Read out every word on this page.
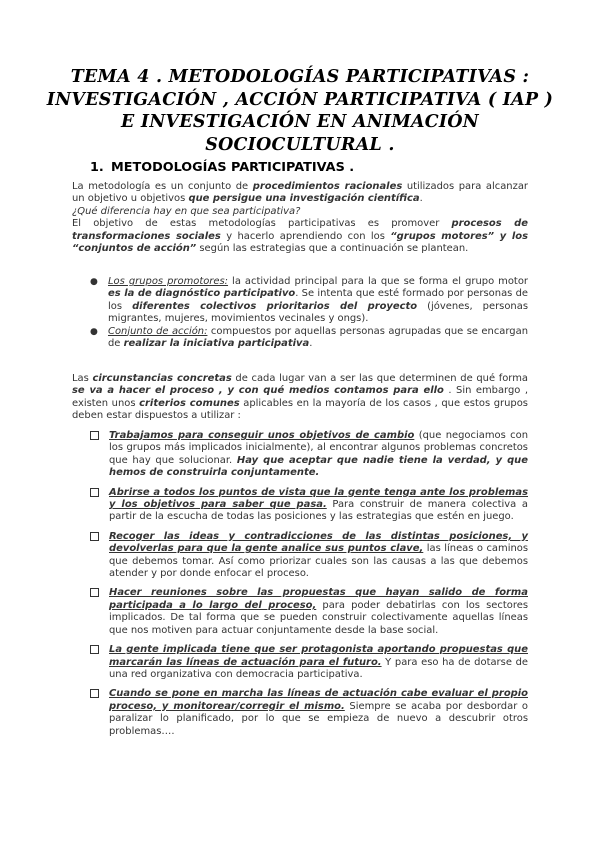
TEMA 4 . METODOLOGÍAS PARTICIPATIVAS :
INVESTIGACIÓN , ACCIÓN PARTICIPATIVA ( IAP )
E INVESTIGACIÓN EN ANIMACIÓN
SOCIOCULTURAL .
1. METODOLOGÍAS PARTICIPATIVAS .

La metodología es un conjunto de procedimientos racionales utilizados para alcanzar un objetivo u objetivos que persigue una investigación científica.

¿Qué diferencia hay en que sea participativa?

El objetivo de estas metodologías participativas es promover procesos de transformaciones sociales y hacerlo aprendiendo con los “grupos motores” y los “conjuntos de acción” según las estrategias que a continuación se plantean.

● Los grupos promotores: la actividad principal para la que se forma el grupo motor es la de diagnóstico participativo. Se intenta que esté formado por personas de los diferentes colectivos prioritarios del proyecto (jóvenes, personas migrantes, mujeres, movimientos vecinales y ongs).
● Conjunto de acción: compuestos por aquellas personas agrupadas que se encargan de realizar la iniciativa participativa.

Las circunstancias concretas de cada lugar van a ser las que determinen de qué forma se va a hacer el proceso , y con qué medios contamos para ello . Sin embargo , existen unos criterios comunes aplicables en la mayoría de los casos , que estos grupos deben estar dispuestos a utilizar :

Trabajamos para conseguir unos objetivos de cambio (que negociamos con los grupos más implicados inicialmente), al encontrar algunos problemas concretos que hay que solucionar. Hay que aceptar que nadie tiene la verdad, y que hemos de construirla conjuntamente.
Abrirse a todos los puntos de vista que la gente tenga ante los problemas y los objetivos para saber que pasa. Para construir de manera colectiva a partir de la escucha de todas las posiciones y las estrategias que estén en juego.
Recoger las ideas y contradicciones de las distintas posiciones, y devolverlas para que la gente analice sus puntos clave, las líneas o caminos que debemos tomar. Así como priorizar cuales son las causas a las que debemos atender y por donde enfocar el proceso.
Hacer reuniones sobre las propuestas que hayan salido de forma participada a lo largo del proceso, para poder debatirlas con los sectores implicados. De tal forma que se pueden construir colectivamente aquellas líneas que nos motiven para actuar conjuntamente desde la base social.
La gente implicada tiene que ser protagonista aportando propuestas que marcarán las líneas de actuación para el futuro. Y para eso ha de dotarse de una red organizativa con democracia participativa.
Cuando se pone en marcha las líneas de actuación cabe evaluar el propio proceso, y monitorear/corregir el mismo. Siempre se acaba por desbordar o paralizar lo planificado, por lo que se empieza de nuevo a descubrir otros problemas….
